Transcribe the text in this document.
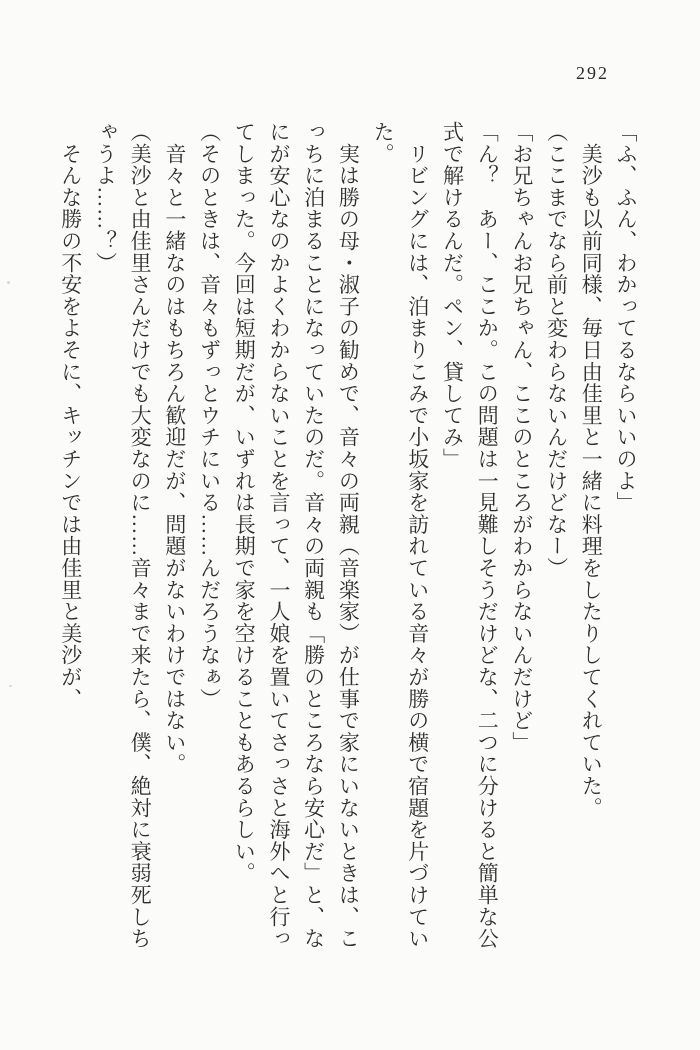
292

「ふ、ふん、わかってるならいいのよ」

　美沙も以前同様、毎日由佳里と一緒に料理をしたりしてくれていた。

（ここまでなら前と変わらないんだけどなー）

「お兄ちゃんお兄ちゃん、ここのところがわからないんだけど」

「ん？　あー、ここか。この問題は一見難しそうだけどな、二つに分けると簡単な公

式で解けるんだ。ペン、貸してみ」

　リビングには、泊まりこみで小坂家を訪れている音々が勝の横で宿題を片づけてい

た。

　実は勝の母・淑子の勧めで、音々の両親（音楽家）が仕事で家にいないときは、こ

っちに泊まることになっていたのだ。音々の両親も「勝のところなら安心だ」と、な

にが安心なのかよくわからないことを言って、一人娘を置いてさっさと海外へと行っ

てしまった。今回は短期だが、いずれは長期で家を空けることもあるらしい。

（そのときは、音々もずっとウチにいる……んだろうなぁ）

　音々と一緒なのはもちろん歓迎だが、問題がないわけではない。

（美沙と由佳里さんだけでも大変なのに……音々まで来たら、僕、絶対に衰弱死しち

ゃうよ……？）

　そんな勝の不安をよそに、キッチンでは由佳里と美沙が、
